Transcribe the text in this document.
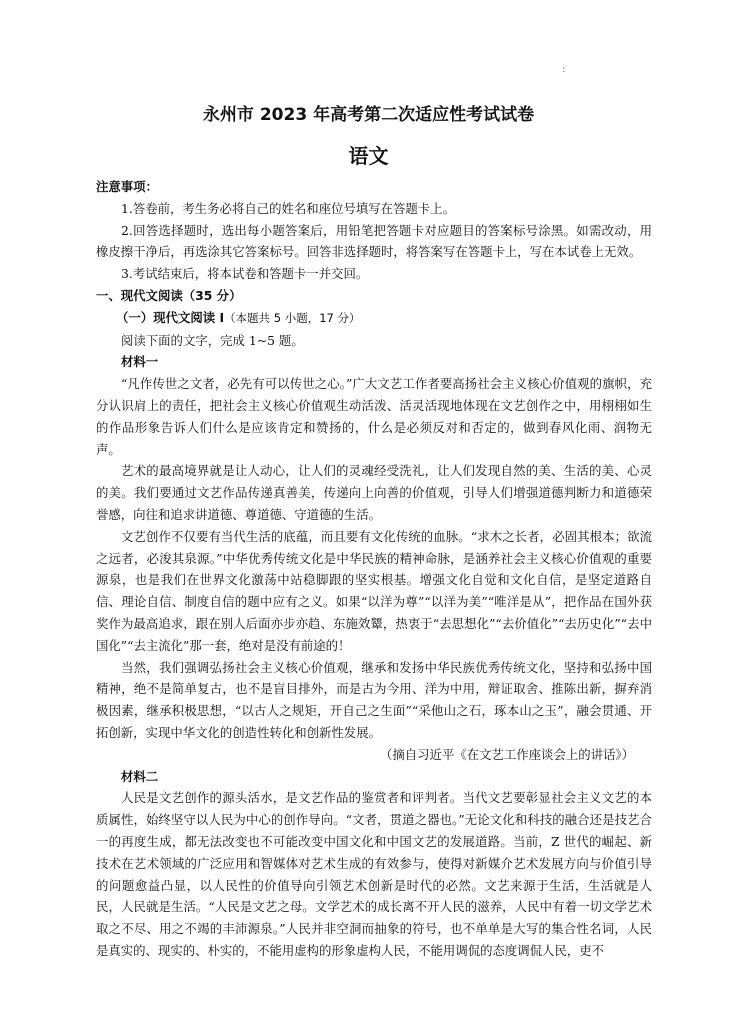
:
永州市 2023 年高考第二次适应性考试试卷
语文

注意事项：

1.答卷前，考生务必将自己的姓名和座位号填写在答题卡上。

2.回答选择题时，选出每小题答案后，用铅笔把答题卡对应题目的答案标号涂黑。如需改动，用橡皮擦干净后，再选涂其它答案标号。回答非选择题时，将答案写在答题卡上，写在本试卷上无效。

3.考试结束后，将本试卷和答题卡一并交回。

一、现代文阅读（35 分）

（一）现代文阅读 I（本题共 5 小题，17 分）

阅读下面的文字，完成 1~5 题。

材料一

“凡作传世之文者，必先有可以传世之心。”广大文艺工作者要高扬社会主义核心价值观的旗帜，充分认识肩上的责任，把社会主义核心价值观生动活泼、活灵活现地体现在文艺创作之中，用栩栩如生的作品形象告诉人们什么是应该肯定和赞扬的，什么是必须反对和否定的，做到春风化雨、润物无声。

艺术的最高境界就是让人动心，让人们的灵魂经受洗礼，让人们发现自然的美、生活的美、心灵的美。我们要通过文艺作品传递真善美，传递向上向善的价值观，引导人们增强道德判断力和道德荣誉感，向往和追求讲道德、尊道德、守道德的生活。

文艺创作不仅要有当代生活的底蕴，而且要有文化传统的血脉。“求木之长者，必固其根本；欲流之远者，必浚其泉源。”中华优秀传统文化是中华民族的精神命脉，是涵养社会主义核心价值观的重要源泉，也是我们在世界文化激荡中站稳脚跟的坚实根基。增强文化自觉和文化自信，是坚定道路自信、理论自信、制度自信的题中应有之义。如果“以洋为尊”“以洋为美”“唯洋是从”，把作品在国外获奖作为最高追求，跟在别人后面亦步亦趋、东施效颦，热衷于“去思想化”“去价值化”“去历史化”“去中国化”“去主流化”那一套，绝对是没有前途的！

当然，我们强调弘扬社会主义核心价值观，继承和发扬中华民族优秀传统文化，坚持和弘扬中国精神，绝不是简单复古，也不是盲目排外，而是古为今用、洋为中用，辩证取舍、推陈出新，摒弃消极因素，继承积极思想，“以古人之规矩，开自己之生面”“采他山之石，琢本山之玉”，融会贯通、开拓创新，实现中华文化的创造性转化和创新性发展。

（摘自习近平《在文艺工作座谈会上的讲话》）

材料二

人民是文艺创作的源头活水，是文艺作品的鉴赏者和评判者。当代文艺要彰显社会主义文艺的本质属性，始终坚守以人民为中心的创作导向。“文者，贯道之器也。”无论文化和科技的融合还是技艺合一的再度生成，都无法改变也不可能改变中国文化和中国文艺的发展道路。当前，Z 世代的崛起、新技术在艺术领域的广泛应用和智媒体对艺术生成的有效参与，使得对新媒介艺术发展方向与价值引导的问题愈益凸显，以人民性的价值导向引领艺术创新是时代的必然。文艺来源于生活，生活就是人民，人民就是生活。“人民是文艺之母。文学艺术的成长离不开人民的滋养，人民中有着一切文学艺术取之不尽、用之不竭的丰沛源泉。”人民并非空洞而抽象的符号，也不单单是大写的集合性名词，人民是真实的、现实的、朴实的，不能用虚构的形象虚构人民，不能用调侃的态度调侃人民，吏不
